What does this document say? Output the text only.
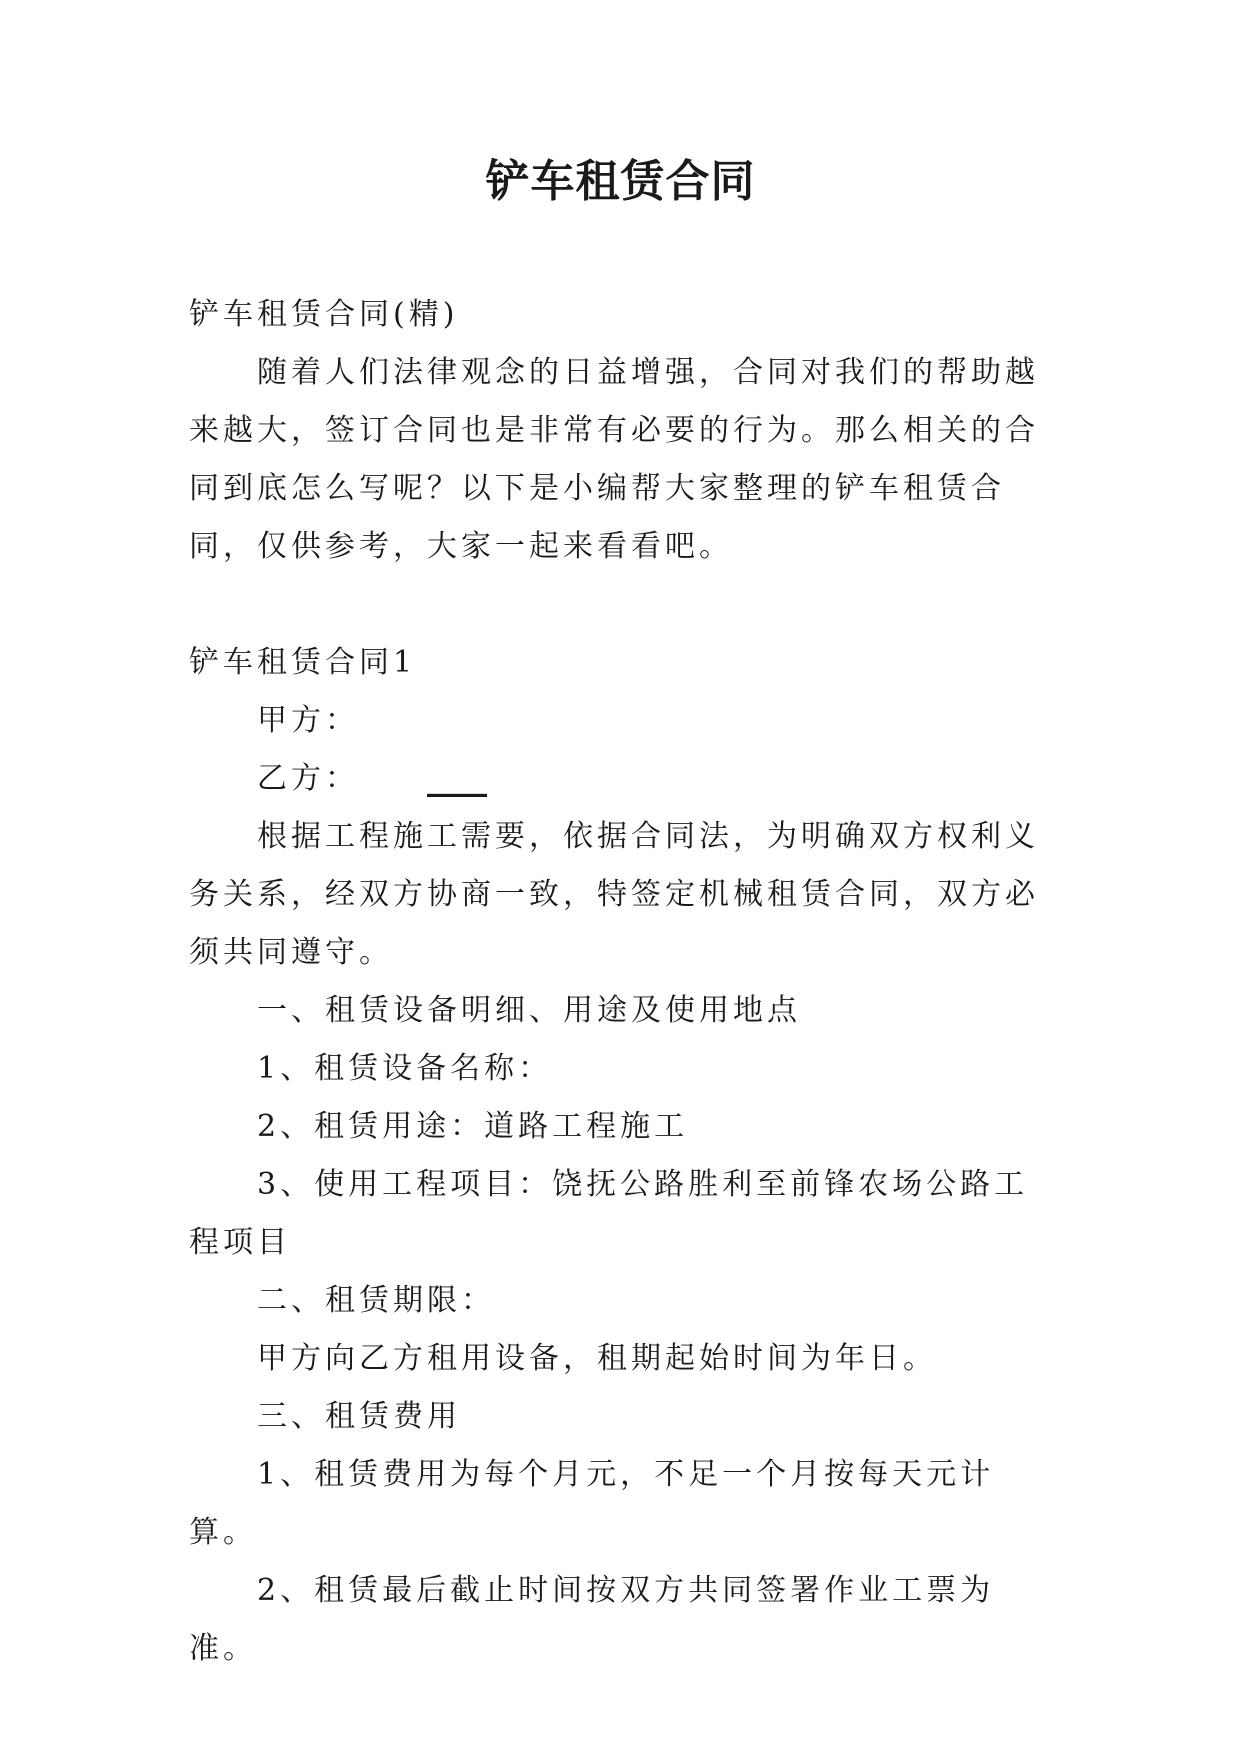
铲车租赁合同

铲车租赁合同(精)

随着人们法律观念的日益增强，合同对我们的帮助越来越大，签订合同也是非常有必要的行为。那么相关的合同到底怎么写呢？以下是小编帮大家整理的铲车租赁合同，仅供参考，大家一起来看看吧。

铲车租赁合同1

甲方：

乙方： ____

根据工程施工需要，依据合同法，为明确双方权利义务关系，经双方协商一致，特签定机械租赁合同，双方必须共同遵守。

一、租赁设备明细、用途及使用地点

1、租赁设备名称：

2、租赁用途：道路工程施工

3、使用工程项目：饶抚公路胜利至前锋农场公路工程项目

二、租赁期限：

甲方向乙方租用设备，租期起始时间为年日。

三、租赁费用

1、租赁费用为每个月元，不足一个月按每天元计算。

2、租赁最后截止时间按双方共同签署作业工票为准。
